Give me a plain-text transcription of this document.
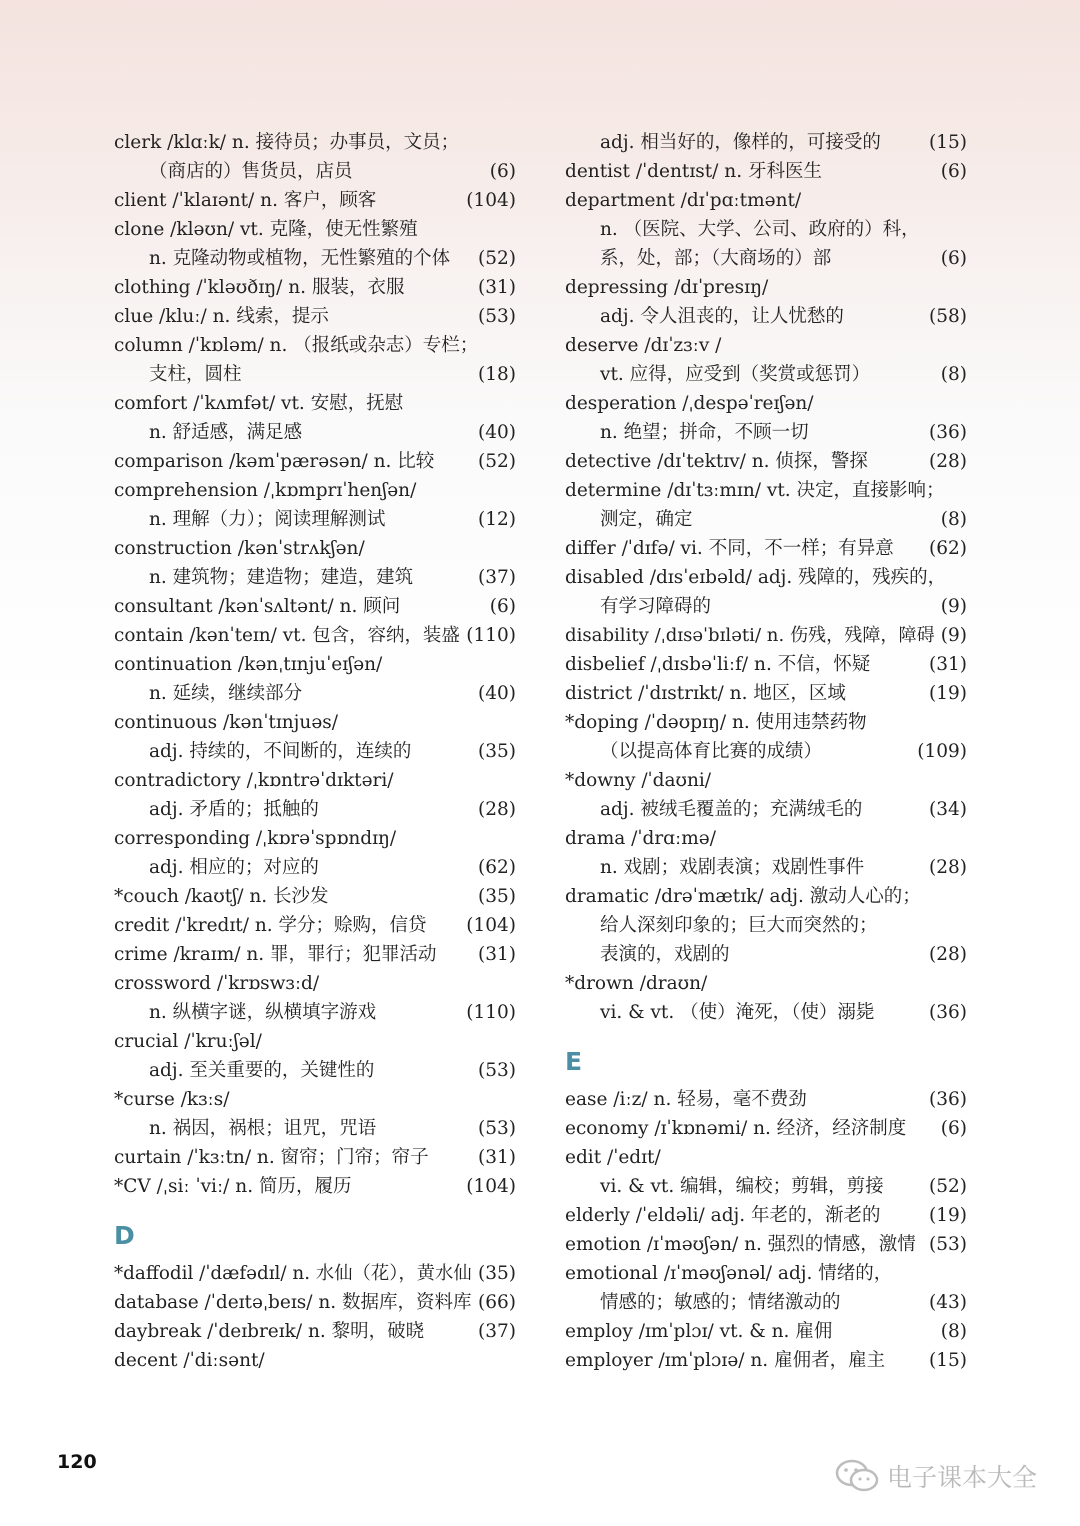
clerk /klɑːk/ n. 接待员；办事员，文员；
（商店的）售货员，店员	(6)
client /ˈklaɪənt/ n. 客户，顾客	(104)
clone /kləʊn/ vt. 克隆，使无性繁殖
n. 克隆动物或植物，无性繁殖的个体 (52)
clothing /ˈkləʊðɪŋ/ n. 服装，衣服	(31)
clue /kluː/ n. 线索，提示	(53)
column /ˈkɒləm/ n. （报纸或杂志）专栏；
支柱，圆柱	(18)
comfort /ˈkʌmfət/ vt. 安慰，抚慰
n. 舒适感，满足感	(40)
comparison /kəmˈpærəsən/ n. 比较 (52)
comprehension /ˌkɒmprɪˈhenʃən/
n. 理解（力）；阅读理解测试	(12)
construction /kənˈstrʌkʃən/
n. 建筑物；建造物；建造，建筑	(37)
consultant /kənˈsʌltənt/ n. 顾问	(6)
contain /kənˈteɪn/ vt. 包含，容纳，装盛 (110)
continuation /kənˌtɪnjuˈeɪʃən/
n. 延续，继续部分	(40)
continuous /kənˈtɪnjuəs/
adj. 持续的，不间断的，连续的	(35)
contradictory /ˌkɒntrəˈdɪktəri/
adj. 矛盾的；抵触的	(28)
corresponding /ˌkɒrəˈspɒndɪŋ/
adj. 相应的；对应的	(62)
*couch /kaʊtʃ/ n. 长沙发	(35)
credit /ˈkredɪt/ n. 学分；赊购，信贷 (104)
crime /kraɪm/ n. 罪，罪行；犯罪活动 (31)
crossword /ˈkrɒswɜːd/
n. 纵横字谜，纵横填字游戏	(110)
crucial /ˈkruːʃəl/
adj. 至关重要的，关键性的	(53)
*curse /kɜːs/
n. 祸因，祸根；诅咒，咒语	(53)
curtain /ˈkɜːtn/ n. 窗帘；门帘；帘子	(31)
*CV /ˌsiː ˈviː/ n. 简历，履历	(104)
D
*daffodil /ˈdæfədɪl/ n. 水仙（花），黄水仙 (35)
database /ˈdeɪtəˌbeɪs/ n. 数据库，资料库 (66)
daybreak /ˈdeɪbreɪk/ n. 黎明，破晓	(37)
decent /ˈdiːsənt/
adj. 相当好的，像样的，可接受的	(15)
dentist /ˈdentɪst/ n. 牙科医生	(6)
department /dɪˈpɑːtmənt/
n. （医院、大学、公司、政府的）科，
系，处，部；（大商场的）部	(6)
depressing /dɪˈpresɪŋ/
adj. 令人沮丧的，让人忧愁的	(58)
deserve /dɪˈzɜːv /
vt. 应得，应受到（奖赏或惩罚）	(8)
desperation /ˌdespəˈreɪʃən/
n. 绝望；拼命，不顾一切	(36)
detective /dɪˈtektɪv/ n. 侦探，警探	(28)
determine /dɪˈtɜːmɪn/ vt. 决定，直接影响；
测定，确定	(8)
differ /ˈdɪfə/ vi. 不同，不一样；有异意 (62)
disabled /dɪsˈeɪbəld/ adj. 残障的，残疾的，
有学习障碍的	(9)
disability /ˌdɪsəˈbɪləti/ n. 伤残，残障，障碍 (9)
disbelief /ˌdɪsbəˈliːf/ n. 不信，怀疑	(31)
district /ˈdɪstrɪkt/ n. 地区，区域	(19)
*doping /ˈdəʊpɪŋ/ n. 使用违禁药物
（以提高体育比赛的成绩）	(109)
*downy /ˈdaʊni/
adj. 被绒毛覆盖的；充满绒毛的	(34)
drama /ˈdrɑːmə/
n. 戏剧；戏剧表演；戏剧性事件	(28)
dramatic /drəˈmætɪk/ adj. 激动人心的；
给人深刻印象的；巨大而突然的；
表演的，戏剧的	(28)
*drown /draʊn/
vi. & vt. （使）淹死，（使）溺毙	(36)
E
ease /iːz/ n. 轻易，毫不费劲	(36)
economy /ɪˈkɒnəmi/ n. 经济，经济制度 (6)
edit /ˈedɪt/
vi. & vt. 编辑，编校；剪辑，剪接 (52)
elderly /ˈeldəli/ adj. 年老的，渐老的	(19)
emotion /ɪˈməʊʃən/ n. 强烈的情感，激情 (53)
emotional /ɪˈməʊʃənəl/ adj. 情绪的，
情感的；敏感的；情绪激动的	(43)
employ /ɪmˈplɔɪ/ vt. & n. 雇佣	(8)
employer /ɪmˈplɔɪə/ n. 雇佣者，雇主 (15)
120
电子课本大全
